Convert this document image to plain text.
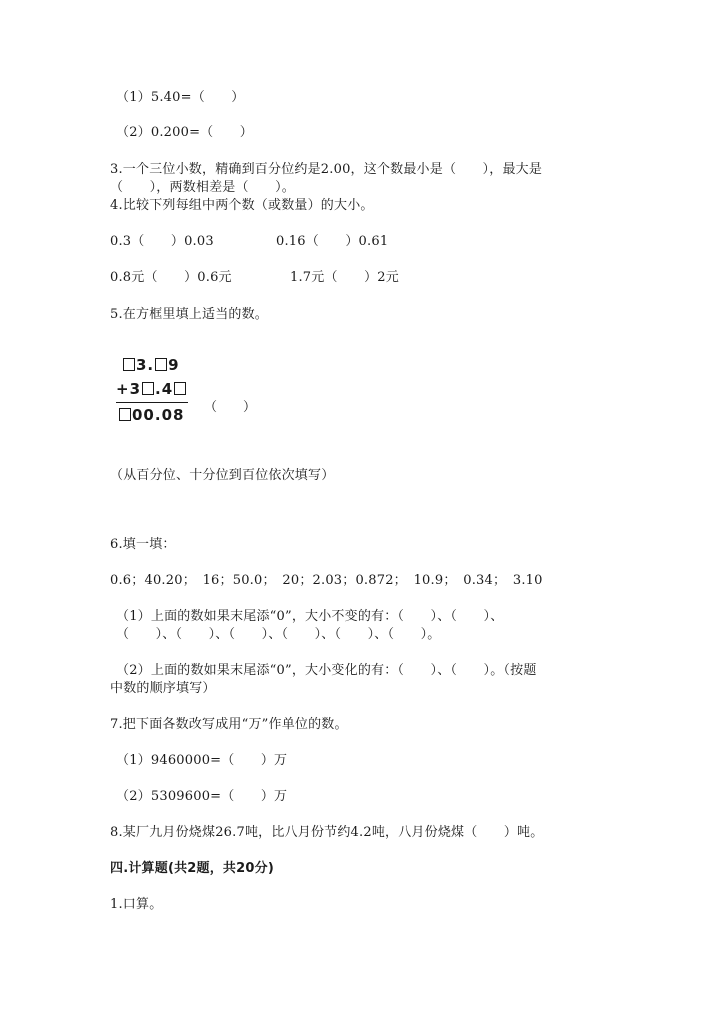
（1）5.40=（　　）
（2）0.200=（　　）
3.一个三位小数，精确到百分位约是2.00，这个数最小是（　　），最大是
（　　），两数相差是（　　）。
4.比较下列每组中两个数（或数量）的大小。
0.3（　　）0.03	0.16（　　）0.61
0.8元（　　）0.6元	1.7元（　　）2元
5.在方框里填上适当的数。
3. 9
+3 .4
00.08 （　　）
（从百分位、十分位到百位依次填写）
6.填一填：
0.6；40.20；　16；50.0；　20；2.03；0.872；　10.9；　0.34；　3.10
（1）上面的数如果末尾添“0”，大小不变的有：（　　）、（　　）、
（　　）、（　　）、（　　）、（　　）、（　　）、（　　）。
（2）上面的数如果末尾添“0”，大小变化的有：（　　）、（　　）。（按题
中数的顺序填写）
7.把下面各数改写成用“万”作单位的数。
（1）9460000=（　　）万
（2）5309600=（　　）万
8.某厂九月份烧煤26.7吨，比八月份节约4.2吨，八月份烧煤（　　）吨。
四.计算题(共2题，共20分)
1.口算。
